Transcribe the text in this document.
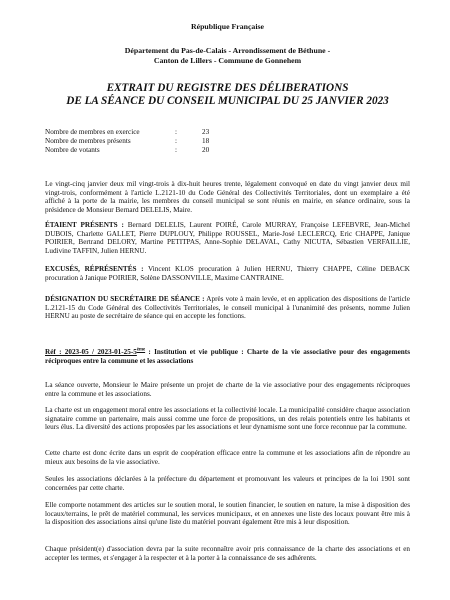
République Française
Département du Pas-de-Calais - Arrondissement de Béthune -
Canton de Lillers - Commune de Gonnehem
EXTRAIT DU REGISTRE DES DÉLIBERATIONS
DE LA SÉANCE DU CONSEIL MUNICIPAL DU 25 JANVIER 2023
Nombre de membres en exercice	:	23
Nombre de membres présents	:	18
Nombre de votants	:	20

Le vingt-cinq janvier deux mil vingt-trois à dix-huit heures trente, légalement convoqué en date du vingt janvier deux mil vingt-trois, conformément à l'article L.2121-10 du Code Général des Collectivités Territoriales, dont un exemplaire a été affiché à la porte de la mairie, les membres du conseil municipal se sont réunis en mairie, en séance ordinaire, sous la présidence de Monsieur Bernard DELELIS, Maire.

ÉTAIENT PRÉSENTS : Bernard DELELIS, Laurent POIRÉ, Carole MURRAY, Françoise LEFEBVRE, Jean-Michel DUBOIS, Charlette GALLET, Pierre DUPLOUY, Philippe ROUSSEL, Marie-José LECLERCQ, Eric CHAPPE, Janique POIRIER, Bertrand DELORY, Martine PETITPAS, Anne-Sophie DELAVAL, Cathy NICUTA, Sébastien VERFAILLIE, Ludivine TAFFIN, Julien HERNU.

EXCUSÉS, RÉPRÉSENTÉS : Vincent KLOS procuration à Julien HERNU, Thierry CHAPPE, Céline DEBACK procuration à Janique POIRIER, Solène DASSONVILLE, Maxime CANTRAINE.

DÉSIGNATION DU SECRÉTAIRE DE SÉANCE : Après vote à main levée, et en application des dispositions de l'article L.2121-15 du Code Général des Collectivités Territoriales, le conseil municipal à l'unanimité des présents, nomme Julien HERNU au poste de secrétaire de séance qui en accepte les fonctions.

Réf : 2023-05 / 2023-01-25-5ème : Institution et vie publique : Charte de la vie associative pour des engagements réciproques entre la commune et les associations

La séance ouverte, Monsieur le Maire présente un projet de charte de la vie associative pour des engagements réciproques entre la commune et les associations.

La charte est un engagement moral entre les associations et la collectivité locale. La municipalité considère chaque association signataire comme un partenaire, mais aussi comme une force de propositions, un des relais potentiels entre les habitants et leurs élus. La diversité des actions proposées par les associations et leur dynamisme sont une force reconnue par la commune.

Cette charte est donc écrite dans un esprit de coopération efficace entre la commune et les associations afin de répondre au mieux aux besoins de la vie associative.

Seules les associations déclarées à la préfecture du département et promouvant les valeurs et principes de la loi 1901 sont concernées par cette charte.

Elle comporte notamment des articles sur le soutien moral, le soutien financier, le soutien en nature, la mise à disposition des locaux/terrains, le prêt de matériel communal, les services municipaux, et en annexes une liste des locaux pouvant être mis à la disposition des associations ainsi qu'une liste du matériel pouvant également être mis à leur disposition.

Chaque président(e) d'association devra par la suite reconnaître avoir pris connaissance de la charte des associations et en accepter les termes, et s'engager à la respecter et à la porter à la connaissance de ses adhérents.
